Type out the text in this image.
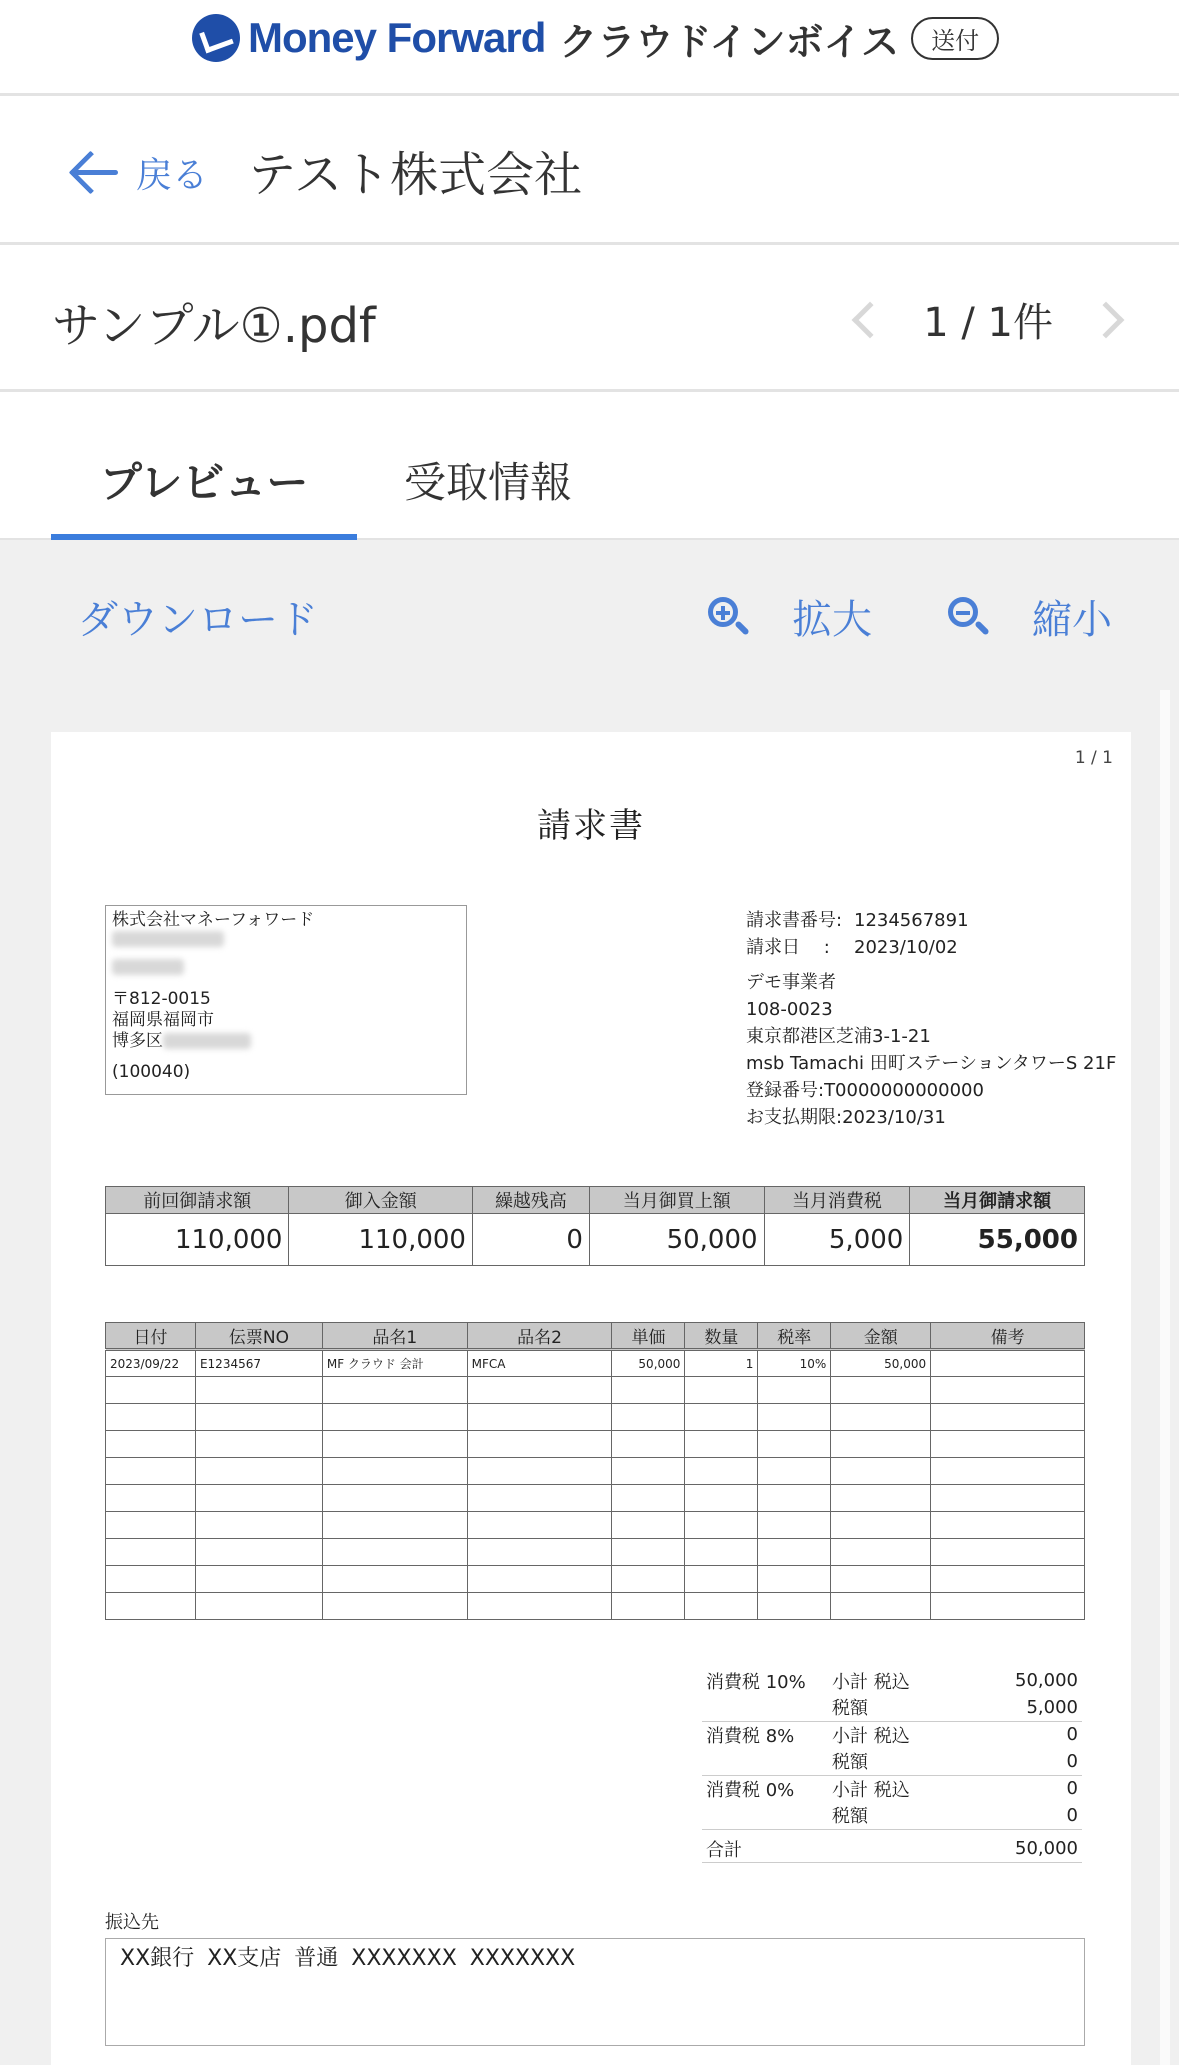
Money Forward クラウドインボイス	送付
戻る テスト株式会社
サンプル①.pdf	1 / 1件
プレビュー 受取情報
ダウンロード	拡大	縮小
1 / 1
請求書
株式会社マネーフォワード
〒812-0015
福岡県福岡市
博多区
(100040)
請求書番号: 1234567891
請求日　 :	2023/10/02
デモ事業者
108-0023
東京都港区芝浦3-1-21
msb Tamachi 田町ステーションタワーS 21F
登録番号:T0000000000000
お支払期限:2023/10/31
前回御請求額	御入金額	繰越残高	当月御買上額	当月消費税	当月御請求額
110,000	110,000	0	50,000	5,000	55,000
日付	伝票NO	品名1	品名2	単価	数量	税率	金額	備考
2023/09/22	E1234567	MF クラウド 会計	MFCA	50,000	1	10%	50,000	

消費税 10%	小計 税込	50,000
	税額	5,000
消費税 8%	小計 税込	0
	税額	0
消費税 0%	小計 税込	0
	税額	0
合計		50,000
振込先
XX銀行 XX支店 普通 XXXXXXX XXXXXXX
